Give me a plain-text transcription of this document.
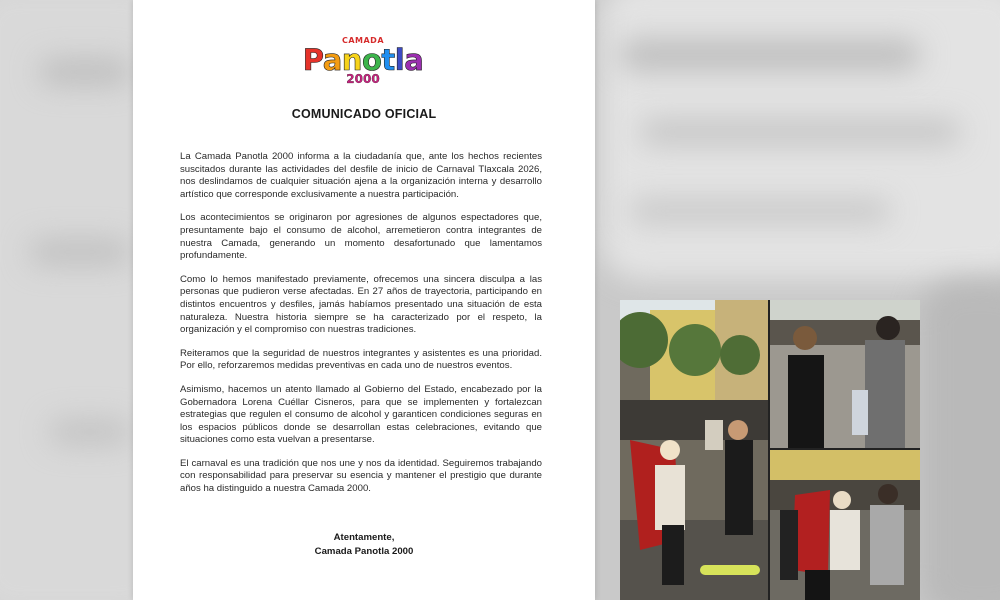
CAMADA
Panotla
2000
COMUNICADO OFICIAL

La Camada Panotla 2000 informa a la ciudadanía que, ante los hechos recientes suscitados durante las actividades del desfile de inicio de Carnaval Tlaxcala 2026, nos deslindamos de cualquier situación ajena a la organización interna y desarrollo artístico que corresponde exclusivamente a nuestra participación.

Los acontecimientos se originaron por agresiones de algunos espectadores que, presuntamente bajo el consumo de alcohol, arremetieron contra integrantes de nuestra Camada, generando un momento desafortunado que lamentamos profundamente.

Como lo hemos manifestado previamente, ofrecemos una sincera disculpa a las personas que pudieron verse afectadas. En 27 años de trayectoria, participando en distintos encuentros y desfiles, jamás habíamos presentado una situación de esta naturaleza. Nuestra historia siempre se ha caracterizado por el respeto, la organización y el compromiso con nuestras tradiciones.

Reiteramos que la seguridad de nuestros integrantes y asistentes es una prioridad. Por ello, reforzaremos medidas preventivas en cada uno de nuestros eventos.

Asimismo, hacemos un atento llamado al Gobierno del Estado, encabezado por la Gobernadora Lorena Cuéllar Cisneros, para que se implementen y fortalezcan estrategias que regulen el consumo de alcohol y garanticen condiciones seguras en los espacios públicos donde se desarrollan estas celebraciones, evitando que situaciones como esta vuelvan a presentarse.

El carnaval es una tradición que nos une y nos da identidad. Seguiremos trabajando con responsabilidad para preservar su esencia y mantener el prestigio que durante años ha distinguido a nuestra Camada 2000.

Atentamente,
Camada Panotla 2000
